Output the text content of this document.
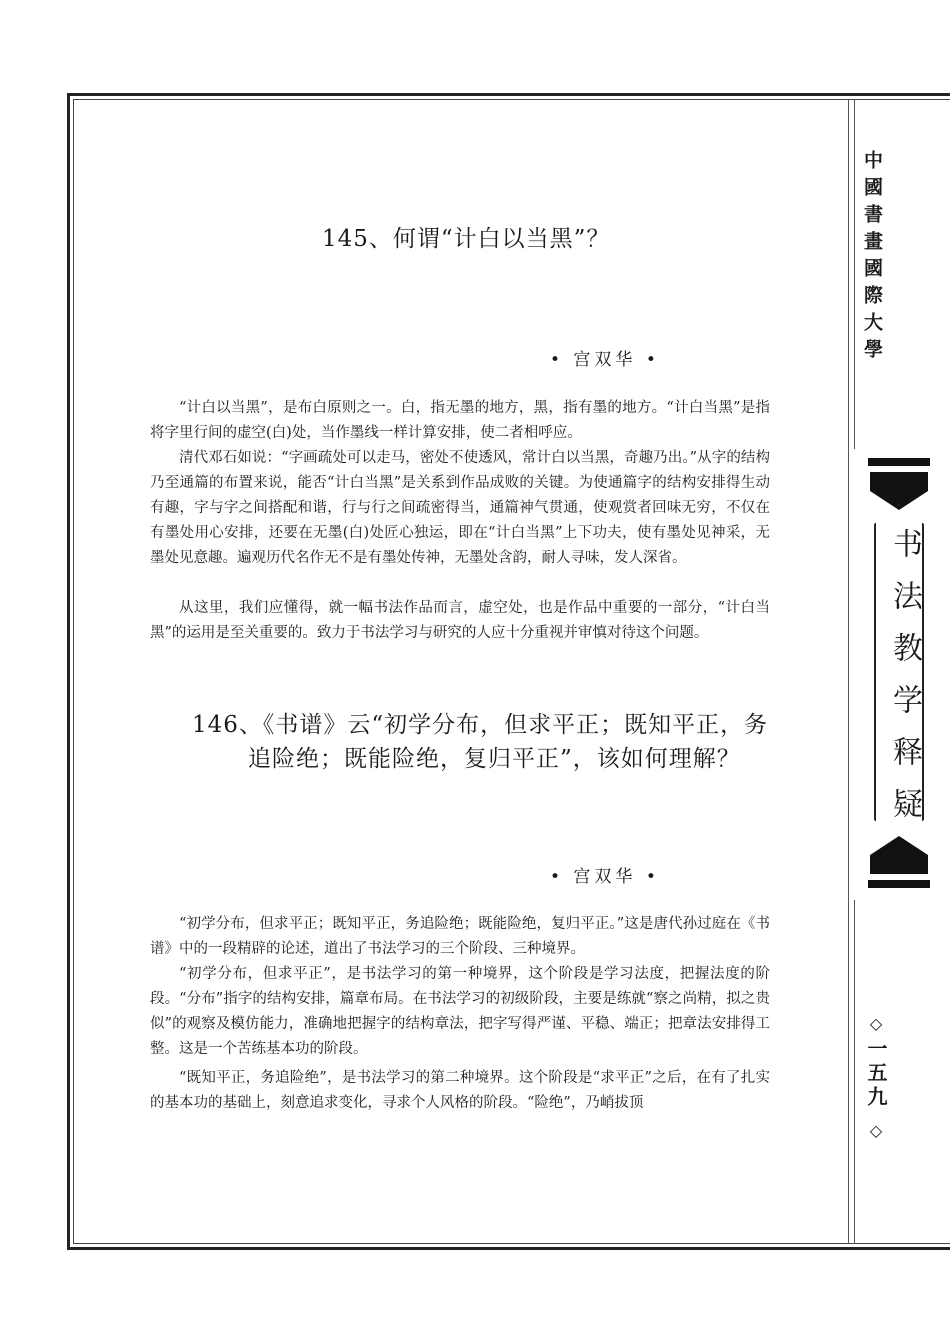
中國書畫國際大學
书法教学释疑
◇
一五九
◇
145、何谓“计白以当黑”？
• 宫双华 •

“计白以当黑”，是布白原则之一。白，指无墨的地方，黑，指有墨的地方。“计白当黑”是指将字里行间的虚空(白)处，当作墨线一样计算安排，使二者相呼应。

清代邓石如说：“字画疏处可以走马，密处不使透风，常计白以当黑，奇趣乃出。”从字的结构乃至通篇的布置来说，能否“计白当黑”是关系到作品成败的关键。为使通篇字的结构安排得生动有趣，字与字之间搭配和谐，行与行之间疏密得当，通篇神气贯通，使观赏者回味无穷，不仅在有墨处用心安排，还要在无墨(白)处匠心独运，即在“计白当黑”上下功夫，使有墨处见神采，无墨处见意趣。遍观历代名作无不是有墨处传神，无墨处含韵，耐人寻味，发人深省。

从这里，我们应懂得，就一幅书法作品而言，虚空处，也是作品中重要的一部分，“计白当黑”的运用是至关重要的。致力于书法学习与研究的人应十分重视并审慎对待这个问题。

146、《书谱》云“初学分布，但求平正；既知平正，务
追险绝；既能险绝，复归平正”，该如何理解？
• 宫双华 •

“初学分布，但求平正；既知平正，务追险绝；既能险绝，复归平正。”这是唐代孙过庭在《书谱》中的一段精辟的论述，道出了书法学习的三个阶段、三种境界。

“初学分布，但求平正”，是书法学习的第一种境界，这个阶段是学习法度，把握法度的阶段。“分布”指字的结构安排，篇章布局。在书法学习的初级阶段，主要是练就“察之尚精，拟之贵似”的观察及模仿能力，准确地把握字的结构章法，把字写得严谨、平稳、端正；把章法安排得工整。这是一个苦练基本功的阶段。

“既知平正，务追险绝”，是书法学习的第二种境界。这个阶段是“求平正”之后，在有了扎实的基本功的基础上，刻意追求变化，寻求个人风格的阶段。“险绝”，乃峭拔顶
